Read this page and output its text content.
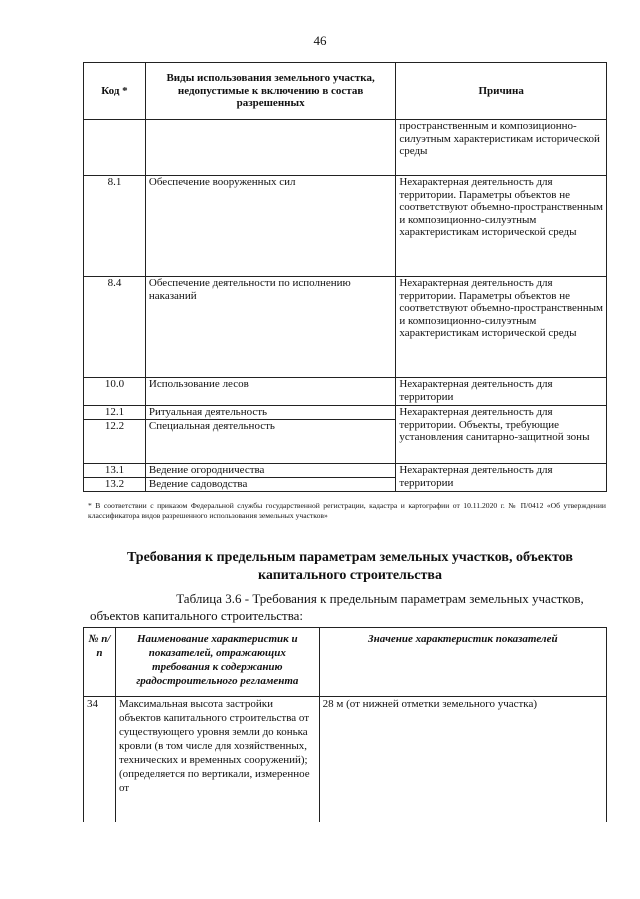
46
Код *	Виды использования земельного участка, недопустимые к включению в состав разрешенных	Причина
		пространственным и композиционно-силуэтным характеристикам исторической среды
8.1	Обеспечение вооруженных сил	Нехарактерная деятельность для территории. Параметры объектов не соответствуют объемно-пространственным и композиционно-силуэтным характеристикам исторической среды
8.4	Обеспечение деятельности по исполнению наказаний	Нехарактерная деятельность для территории. Параметры объектов не соответствуют объемно-пространственным и композиционно-силуэтным характеристикам исторической среды
10.0	Использование лесов	Нехарактерная деятельность для территории
12.1	Ритуальная деятельность	Нехарактерная деятельность для территории. Объекты, требующие установления санитарно-защитной зоны
12.2	Специальная деятельность	
13.1	Ведение огородничества	Нехарактерная деятельность для территории
13.2	Ведение садоводства	
* В соответствии с приказом Федеральной службы государственной регистрации, кадастра и картографии от 10.11.2020 г. № П/0412 «Об утверждении классификатора видов разрешенного использования земельных участков»
Требования к предельным параметрам земельных участков, объектов капитального строительства
Таблица 3.6 - Требования к предельным параметрам земельных участков,
объектов капитального строительства:
№ п/п	Наименование характеристик и показателей, отражающих требования к содержанию градостроительного регламента	Значение характеристик показателей
34	Максимальная высота застройки объектов капитального строительства от существующего уровня земли до конька кровли (в том числе для хозяйственных, технических и временных сооружений); (определяется по вертикали, измеренное от	28 м (от нижней отметки земельного участка)
